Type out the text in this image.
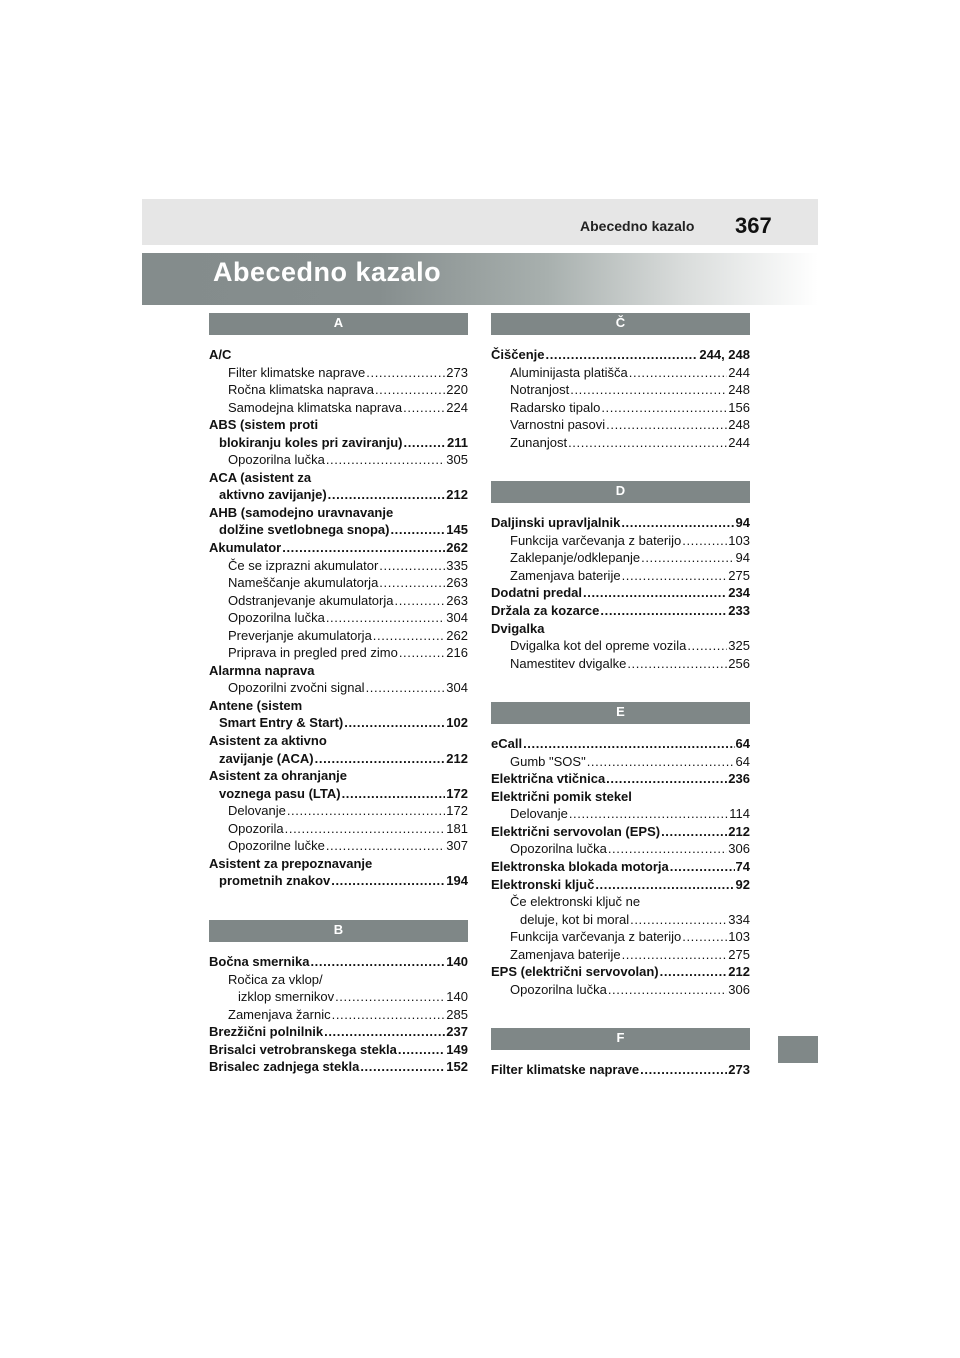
Abecedno kazalo 367
Abecedno kazalo
A
A/C
Filter klimatske naprave .....	273
Ročna klimatska naprava .....	220
Samodejna klimatska naprava .....	224
ABS (sistem proti
blokiranju koles pri zaviranju) .....	211
Opozorilna lučka .....	305
ACA (asistent za
aktivno zavijanje) .....	212
AHB (samodejno uravnavanje
dolžine svetlobnega snopa) .....	145
Akumulator .....	262
Če se izprazni akumulator .....	335
Nameščanje akumulatorja .....	263
Odstranjevanje akumulatorja .....	263
Opozorilna lučka .....	304
Preverjanje akumulatorja .....	262
Priprava in pregled pred zimo .....	216
Alarmna naprava
Opozorilni zvočni signal .....	304
Antene (sistem
Smart Entry & Start) .....	102
Asistent za aktivno
zavijanje (ACA) .....	212
Asistent za ohranjanje
voznega pasu (LTA) .....	172
Delovanje .....	172
Opozorila .....	181
Opozorilne lučke .....	307
Asistent za prepoznavanje
prometnih znakov .....	194
B
Bočna smernika .....	140
Ročica za vklop/
izklop smernikov .....	140
Zamenjava žarnic .....	285
Brezžični polnilnik .....	237
Brisalci vetrobranskega stekla .....	149
Brisalec zadnjega stekla .....	152
Č
Čiščenje .....	244, 248
Aluminijasta platišča .....	244
Notranjost .....	248
Radarsko tipalo .....	156
Varnostni pasovi .....	248
Zunanjost .....	244
D
Daljinski upravljalnik .....	94
Funkcija varčevanja z baterijo .....	103
Zaklepanje/odklepanje .....	94
Zamenjava baterije .....	275
Dodatni predal .....	234
Držala za kozarce .....	233
Dvigalka
Dvigalka kot del opreme vozila .....	325
Namestitev dvigalke .....	256
E
eCall .....	64
Gumb "SOS" .....	64
Električna vtičnica .....	236
Električni pomik stekel
Delovanje .....	114
Električni servovolan (EPS) .....	212
Opozorilna lučka .....	306
Elektronska blokada motorja .....	74
Elektronski ključ .....	92
Če elektronski ključ ne
deluje, kot bi moral .....	334
Funkcija varčevanja z baterijo .....	103
Zamenjava baterije .....	275
EPS (električni servovolan) .....	212
Opozorilna lučka .....	306
F
Filter klimatske naprave .....	273
